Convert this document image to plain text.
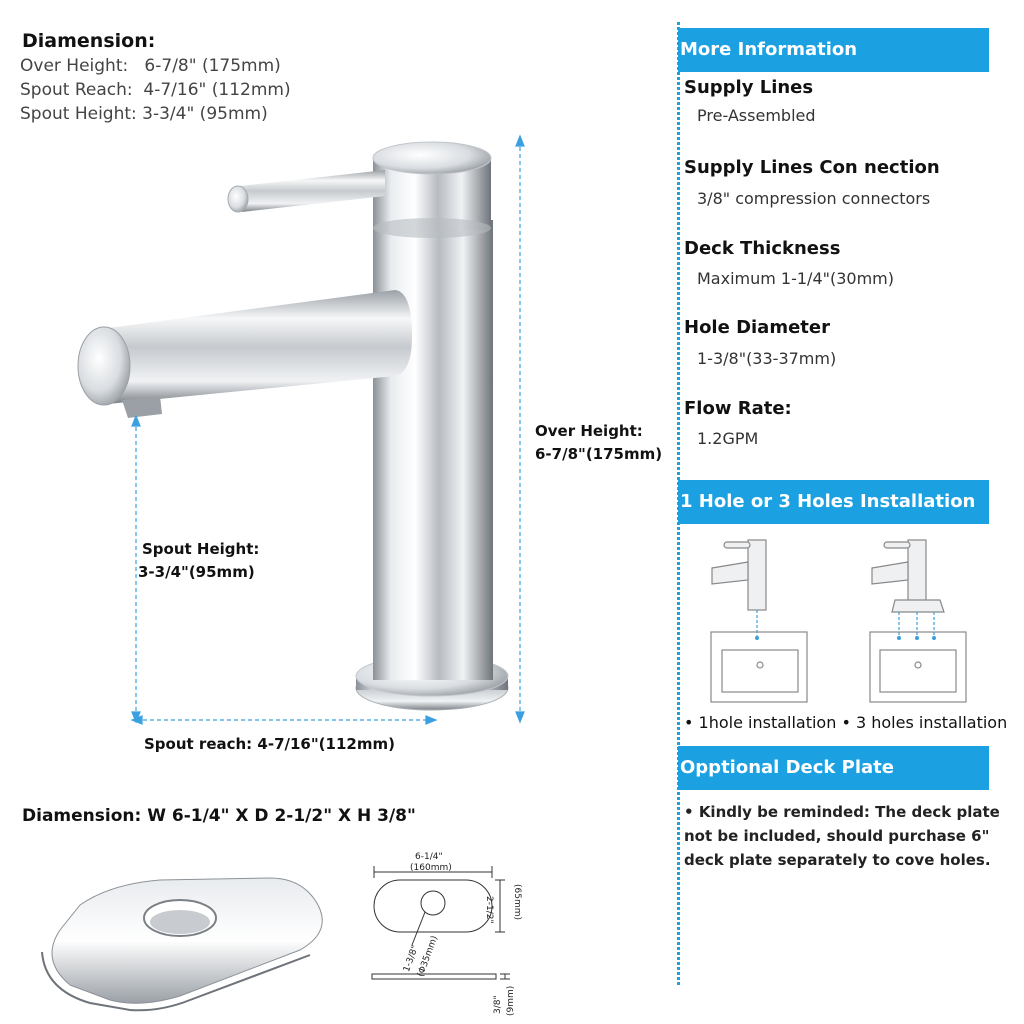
Diamension:
Over Height:   6-7/8" (175mm)
Spout Reach:  4-7/16" (112mm)
Spout Height: 3-3/4" (95mm)
Over Height:
6-7/8"(175mm)
Spout Height:
3-3/4"(95mm)
Spout reach: 4-7/16"(112mm)
Diamension: W 6-1/4" X D 2-1/2" X H 3/8"
6-1/4"
(160mm)
2-1/2" (65mm)
1-3/8"
(Φ35mm)
3/8" (9mm)
More Information
Supply Lines
Pre-Assembled
Supply Lines Con nection
3/8" compression connectors
Deck Thickness
Maximum 1-1/4"(30mm)
Hole Diameter
1-3/8"(33-37mm)
Flow Rate:
1.2GPM
1 Hole or 3 Holes Installation
• 1hole installation • 3 holes installation
Opptional Deck Plate
• Kindly be reminded: The deck plate not be included, should purchase 6" deck plate separately to cove holes.
